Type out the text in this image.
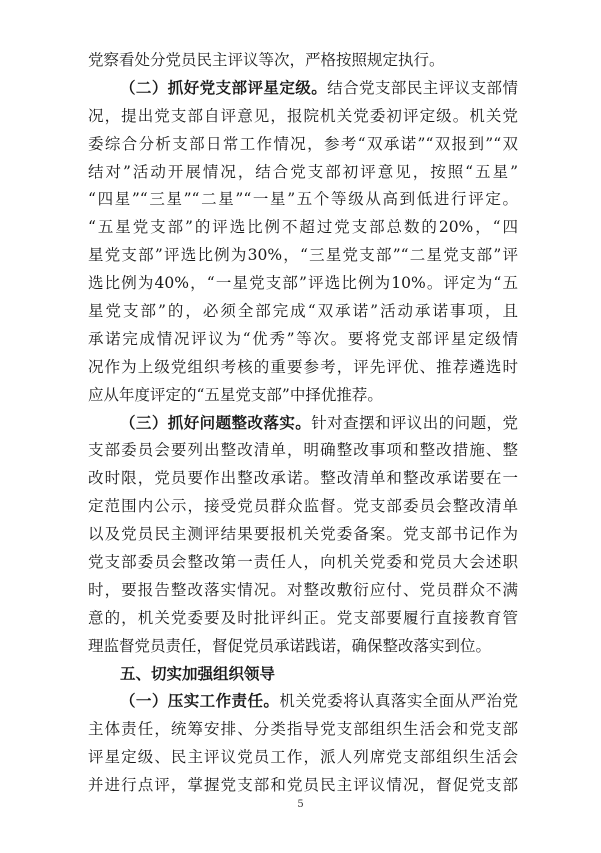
党察看处分党员民主评议等次，严格按照规定执行。
（二）抓好党支部评星定级。结合党支部民主评议支部情
况，提出党支部自评意见，报院机关党委初评定级。机关党
委综合分析支部日常工作情况，参考“双承诺”“双报到”“双
结对”活动开展情况，结合党支部初评意见，按照“五星”
“四星”“三星”“二星”“一星”五个等级从高到低进行评定。
“五星党支部”的评选比例不超过党支部总数的20%，“四
星党支部”评选比例为30%，“三星党支部”“二星党支部”评
选比例为40%，“一星党支部”评选比例为10%。评定为“五
星党支部”的，必须全部完成“双承诺”活动承诺事项，且
承诺完成情况评议为“优秀”等次。要将党支部评星定级情
况作为上级党组织考核的重要参考，评先评优、推荐遴选时
应从年度评定的“五星党支部”中择优推荐。
（三）抓好问题整改落实。针对查摆和评议出的问题，党
支部委员会要列出整改清单，明确整改事项和整改措施、整
改时限，党员要作出整改承诺。整改清单和整改承诺要在一
定范围内公示，接受党员群众监督。党支部委员会整改清单
以及党员民主测评结果要报机关党委备案。党支部书记作为
党支部委员会整改第一责任人，向机关党委和党员大会述职
时，要报告整改落实情况。对整改敷衍应付、党员群众不满
意的，机关党委要及时批评纠正。党支部要履行直接教育管
理监督党员责任，督促党员承诺践诺，确保整改落实到位。
五、切实加强组织领导
（一）压实工作责任。机关党委将认真落实全面从严治党
主体责任，统筹安排、分类指导党支部组织生活会和党支部
评星定级、民主评议党员工作，派人列席党支部组织生活会
并进行点评，掌握党支部和党员民主评议情况，督促党支部
5
